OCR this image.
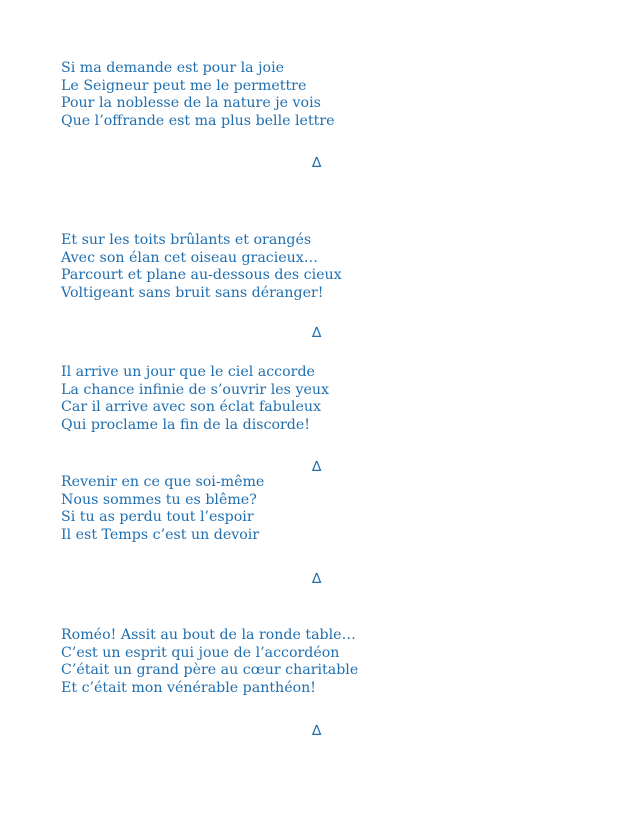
Si ma demande est pour la joie
Le Seigneur peut me le permettre
Pour la noblesse de la nature je vois
Que l’offrande est ma plus belle lettre
∆
Et sur les toits brûlants et orangés
Avec son élan cet oiseau gracieux…
Parcourt et plane au-dessous des cieux
Voltigeant sans bruit sans déranger!
∆
Il arrive un jour que le ciel accorde
La chance infinie de s’ouvrir les yeux
Car il arrive avec son éclat fabuleux
Qui proclame la fin de la discorde!
∆
Revenir en ce que soi-même
Nous sommes tu es blême?
Si tu as perdu tout l’espoir
Il est Temps c’est un devoir
∆
Roméo! Assit au bout de la ronde table…
C’est un esprit qui joue de l’accordéon
C’était un grand père au cœur charitable
Et c’était mon vénérable panthéon!
∆
